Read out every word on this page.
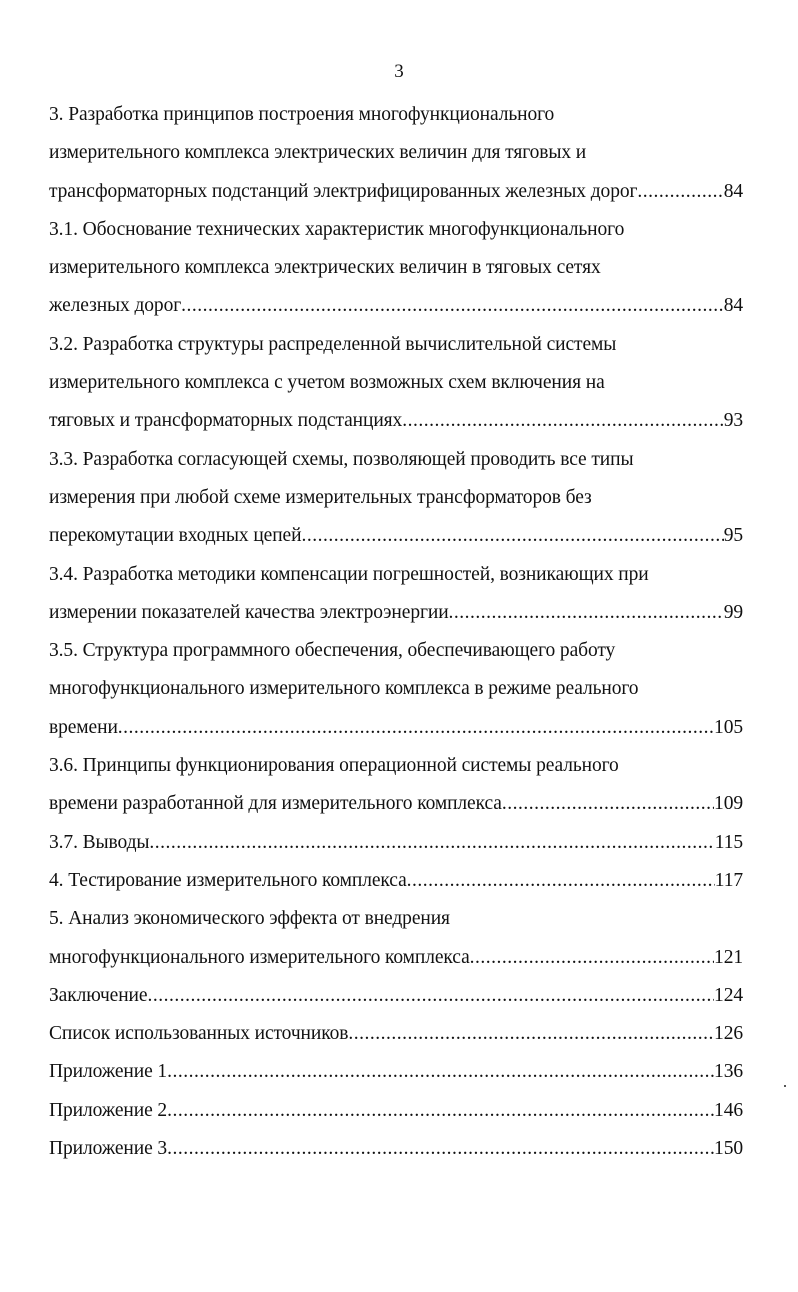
3
3. Разработка принципов построения многофункционального
измерительного комплекса электрических величин для тяговых и
трансформаторных подстанций электрифицированных железных дорог .....	84
3.1. Обоснование технических характеристик многофункционального
измерительного комплекса электрических величин в тяговых сетях
железных дорог .....	84
3.2. Разработка структуры распределенной вычислительной системы
измерительного комплекса с учетом возможных схем включения на
тяговых и трансформаторных подстанциях .....	93
3.3. Разработка согласующей схемы, позволяющей проводить все типы
измерения при любой схеме измерительных трансформаторов без
перекомутации входных цепей .....	95
3.4. Разработка методики компенсации погрешностей, возникающих при
измерении показателей качества электроэнергии .....	99
3.5. Структура программного обеспечения, обеспечивающего работу
многофункционального измерительного комплекса в режиме реального
времени .....	105
3.6. Принципы функционирования операционной системы реального
времени разработанной для измерительного комплекса .....	109
3.7. Выводы .....	115
4. Тестирование измерительного комплекса .....	117
5. Анализ экономического эффекта от внедрения
многофункционального измерительного комплекса .....	121
Заключение .....	124
Список использованных источников .....	126
Приложение 1 .....	136
Приложение 2 .....	146
Приложение 3 .....	150
